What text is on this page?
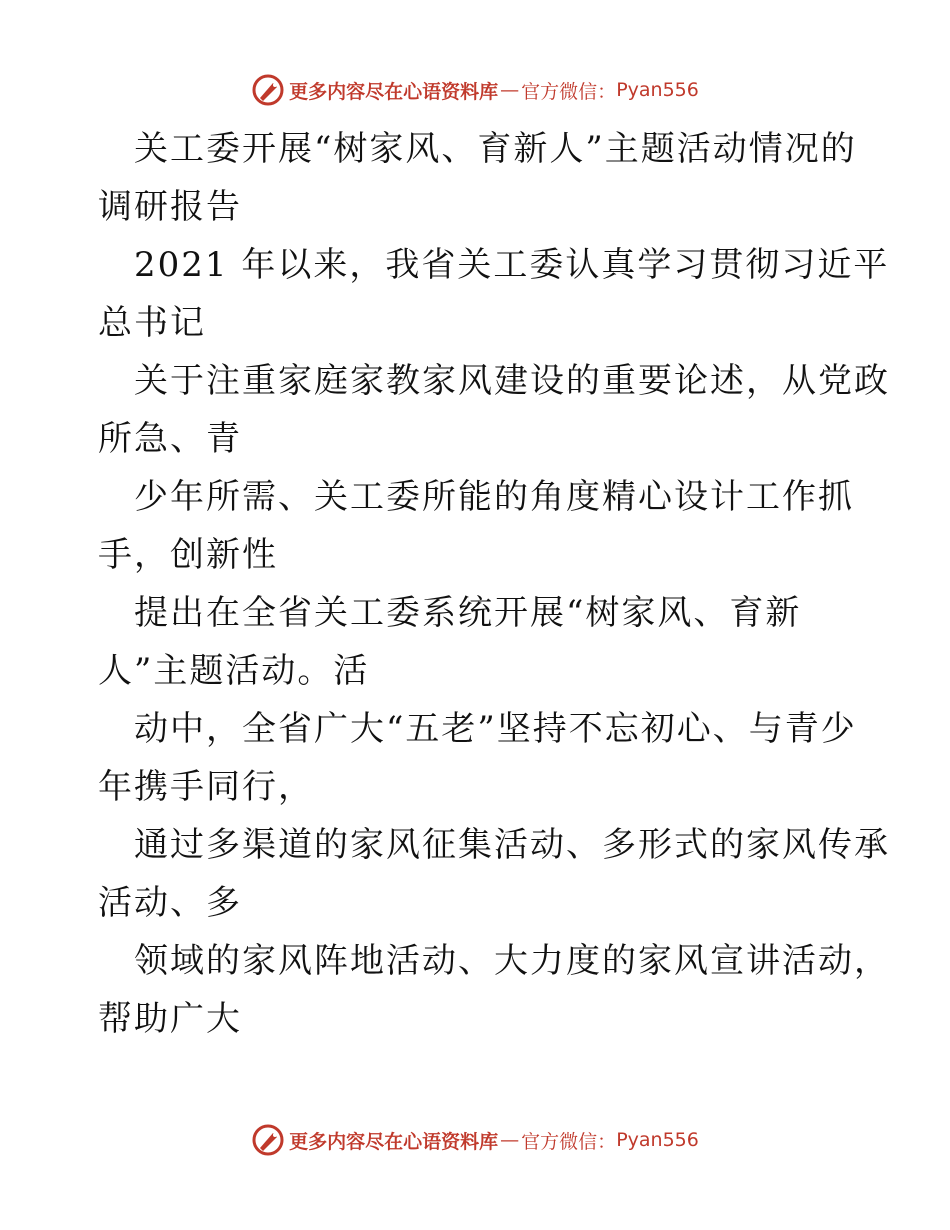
更多内容尽在心语资料库 — 官方微信： Pyan556
关工委开展“树家风、育新人”主题活动情况的
调研报告
2021 年以来，我省关工委认真学习贯彻习近平
总书记
关于注重家庭家教家风建设的重要论述，从党政
所急、青
少年所需、关工委所能的角度精心设计工作抓
手，创新性
提出在全省关工委系统开展“树家风、育新
人”主题活动。活
动中，全省广大“五老”坚持不忘初心、与青少
年携手同行，
通过多渠道的家风征集活动、多形式的家风传承
活动、多
领域的家风阵地活动、大力度的家风宣讲活动，
帮助广大
更多内容尽在心语资料库 — 官方微信： Pyan556
